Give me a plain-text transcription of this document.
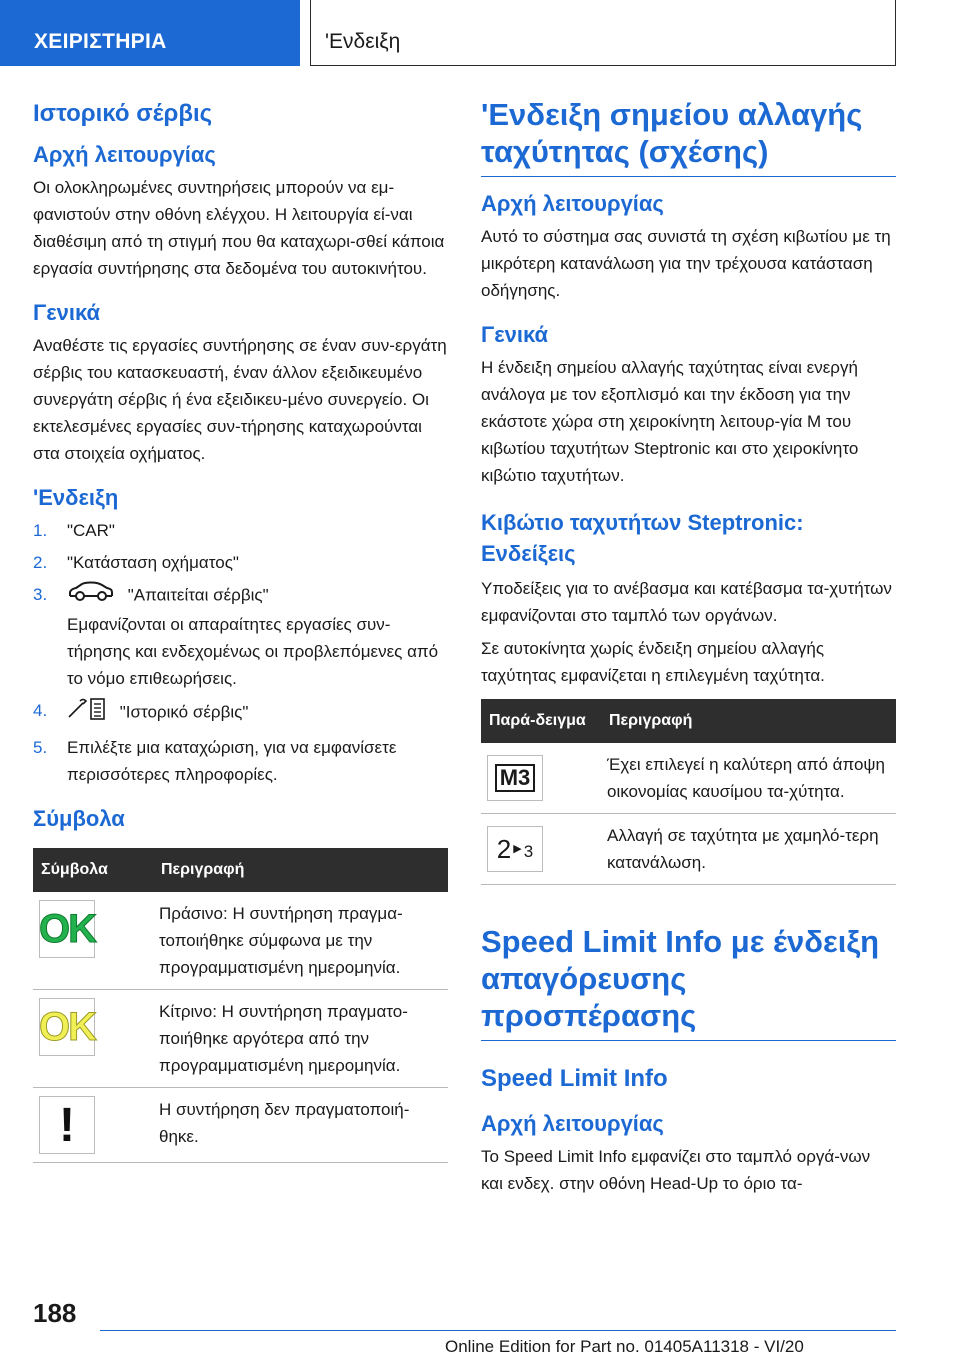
ΧΕΙΡΙΣΤΗΡΙΑ	'Ενδειξη
Ιστορικό σέρβις
Αρχή λειτουργίας

Οι ολοκληρωμένες συντηρήσεις μπορούν να εμ-φανιστούν στην οθόνη ελέγχου. Η λειτουργία εί-ναι διαθέσιμη από τη στιγμή που θα καταχωρι-σθεί κάποια εργασία συντήρησης στα δεδομένα του αυτοκινήτου.

Γενικά

Αναθέστε τις εργασίες συντήρησης σε έναν συν-εργάτη σέρβις του κατασκευαστή, έναν άλλον εξειδικευμένο συνεργάτη σέρβις ή ένα εξειδικευ-μένο συνεργείο. Οι εκτελεσμένες εργασίες συν-τήρησης καταχωρούνται στα στοιχεία οχήματος.

'Ενδειξη
1. "CAR"
2. "Κατάσταση οχήματος"
3.	"Απαιτείται σέρβις"
Εμφανίζονται οι απαραίτητες εργασίες συν-τήρησης και ενδεχομένως οι προβλεπόμενες από το νόμο επιθεωρήσεις.
4.	"Ιστορικό σέρβις"
5. Επιλέξτε μια καταχώριση, για να εμφανίσετε περισσότερες πληροφορίες.
Σύμβολα
Σύμβολα	Περιγραφή

OK	Πράσινο: Η συντήρηση πραγμα-τοποιήθηκε σύμφωνα με την προγραμματισμένη ημερομηνία.

OK	Κίτρινο: Η συντήρηση πραγματο-ποιήθηκε αργότερα από την προγραμματισμένη ημερομηνία.

!	Η συντήρηση δεν πραγματοποιή-θηκε.
'Ενδειξη σημείου αλλαγής ταχύτητας (σχέσης)
Αρχή λειτουργίας

Αυτό το σύστημα σας συνιστά τη σχέση κιβωτίου με τη μικρότερη κατανάλωση για την τρέχουσα κατάσταση οδήγησης.

Γενικά

Η ένδειξη σημείου αλλαγής ταχύτητας είναι ενεργή ανάλογα με τον εξοπλισμό και την έκδοση για την εκάστοτε χώρα στη χειροκίνητη λειτουρ-γία M του κιβωτίου ταχυτήτων Steptronic και στο χειροκίνητο κιβώτιο ταχυτήτων.

Κιβώτιο ταχυτήτων Steptronic: Ενδείξεις

Υποδείξεις για το ανέβασμα και κατέβασμα τα-χυτήτων εμφανίζονται στο ταμπλό των οργάνων.

Σε αυτοκίνητα χωρίς ένδειξη σημείου αλλαγής ταχύτητας εμφανίζεται η επιλεγμένη ταχύτητα.

Παρά-δειγμα	Περιγραφή

M3	Έχει επιλεγεί η καλύτερη από άποψη οικονομίας καυσίμου τα-χύτητα.

2 ▶ 3	Αλλαγή σε ταχύτητα με χαμηλό-τερη κατανάλωση.
Speed Limit Info με ένδειξη απαγόρευσης προσπέρασης
Speed Limit Info
Αρχή λειτουργίας

Το Speed Limit Info εμφανίζει στο ταμπλό οργά-νων και ενδεχ. στην οθόνη Head-Up το όριο τα-

188
Online Edition for Part no. 01405A11318 - VI/20
